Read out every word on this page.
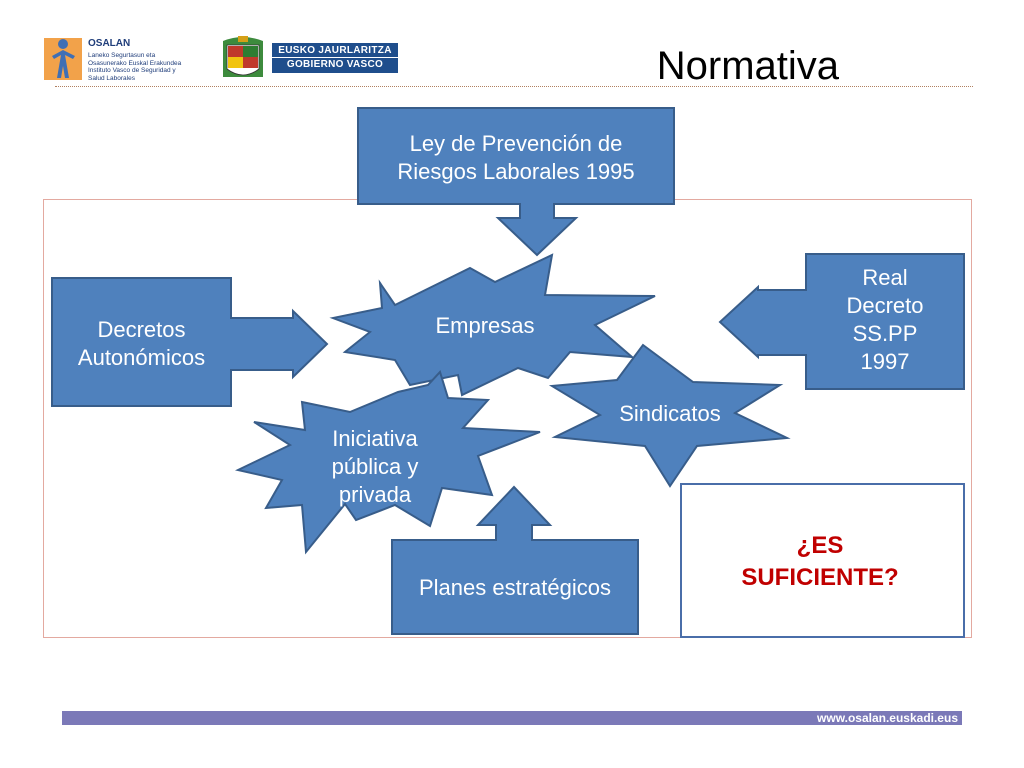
OSALAN
Laneko Segurtasun eta
Osasunerako Euskal Erakundea
Instituto Vasco de Seguridad y
Salud Laborales
EUSKO JAURLARITZA
GOBIERNO VASCO	Normativa
Ley de Prevención de
Riesgos Laborales 1995
Decretos
Autonómicos
Real
Decreto
SS.PP
1997
Empresas
Sindicatos
Iniciativa
pública y
privada
Planes estratégicos
¿ES
SUFICIENTE?
www.osalan.euskadi.eus
